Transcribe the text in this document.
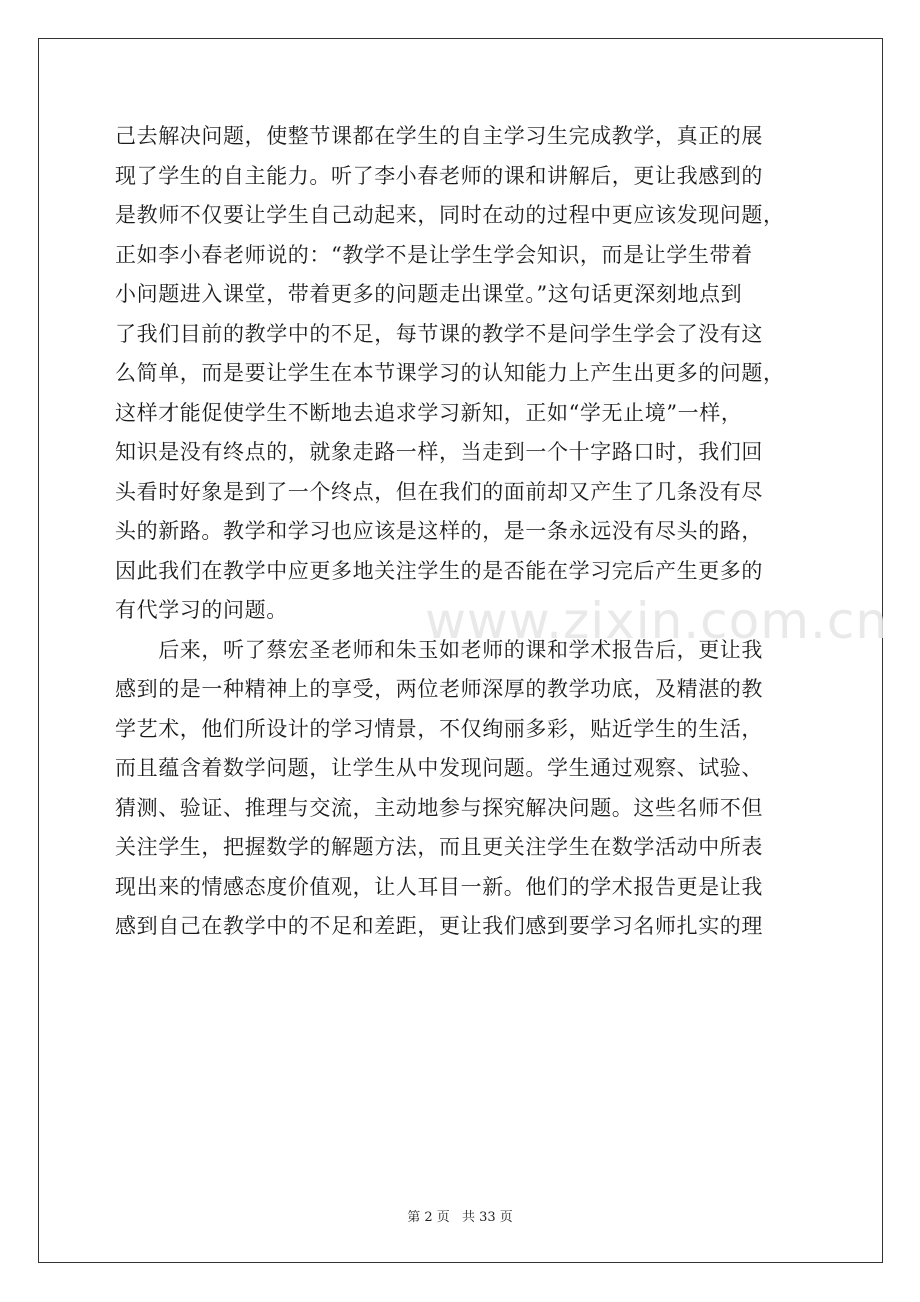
www.zixin.com.cn
己去解决问题，使整节课都在学生的自主学习生完成教学，真正的展
现了学生的自主能力。听了李小春老师的课和讲解后，更让我感到的
是教师不仅要让学生自己动起来，同时在动的过程中更应该发现问题，
正如李小春老师说的：“教学不是让学生学会知识，而是让学生带着
小问题进入课堂，带着更多的问题走出课堂。”这句话更深刻地点到
了我们目前的教学中的不足，每节课的教学不是问学生学会了没有这
么简单，而是要让学生在本节课学习的认知能力上产生出更多的问题，
这样才能促使学生不断地去追求学习新知，正如“学无止境”一样，
知识是没有终点的，就象走路一样，当走到一个十字路口时，我们回
头看时好象是到了一个终点，但在我们的面前却又产生了几条没有尽
头的新路。教学和学习也应该是这样的，是一条永远没有尽头的路，
因此我们在教学中应更多地关注学生的是否能在学习完后产生更多的
有代学习的问题。
　　后来，听了蔡宏圣老师和朱玉如老师的课和学术报告后，更让我
感到的是一种精神上的享受，两位老师深厚的教学功底，及精湛的教
学艺术，他们所设计的学习情景，不仅绚丽多彩，贴近学生的生活，
而且蕴含着数学问题，让学生从中发现问题。学生通过观察、试验、
猜测、验证、推理与交流，主动地参与探究解决问题。这些名师不但
关注学生，把握数学的解题方法，而且更关注学生在数学活动中所表
现出来的情感态度价值观，让人耳目一新。他们的学术报告更是让我
感到自己在教学中的不足和差距，更让我们感到要学习名师扎实的理
第 2 页 共 33 页
